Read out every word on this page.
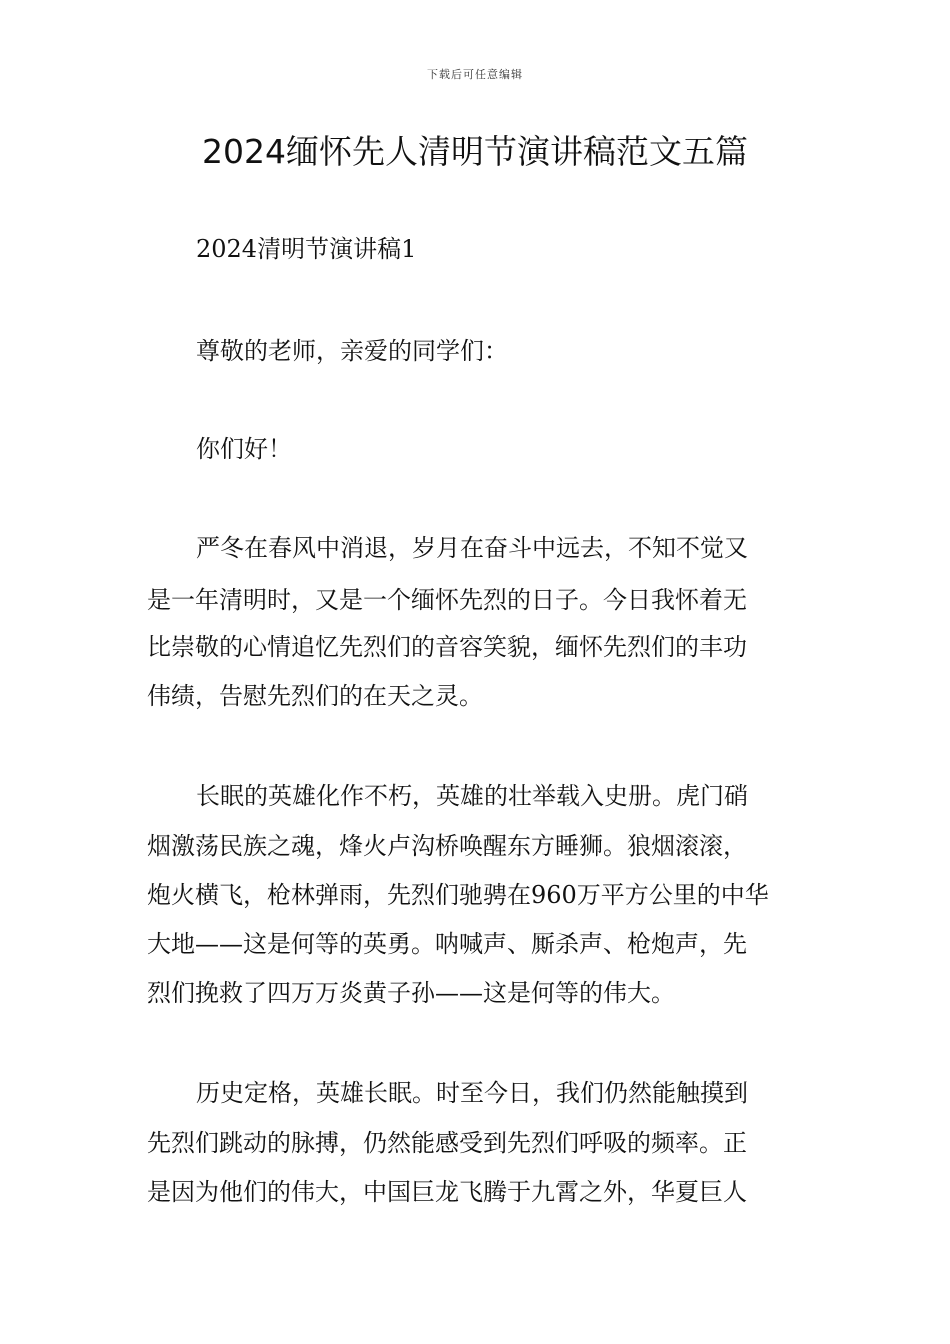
下载后可任意编辑
2024缅怀先人清明节演讲稿范文五篇
2024清明节演讲稿1
尊敬的老师，亲爱的同学们：
你们好！
严冬在春风中消退，岁月在奋斗中远去，不知不觉又
是一年清明时，又是一个缅怀先烈的日子。今日我怀着无
比崇敬的心情追忆先烈们的音容笑貌，缅怀先烈们的丰功
伟绩，告慰先烈们的在天之灵。
长眠的英雄化作不朽，英雄的壮举载入史册。虎门硝
烟激荡民族之魂，烽火卢沟桥唤醒东方睡狮。狼烟滚滚，
炮火横飞，枪林弹雨，先烈们驰骋在960万平方公里的中华
大地——这是何等的英勇。呐喊声、厮杀声、枪炮声，先
烈们挽救了四万万炎黄子孙——这是何等的伟大。
历史定格，英雄长眠。时至今日，我们仍然能触摸到
先烈们跳动的脉搏，仍然能感受到先烈们呼吸的频率。正
是因为他们的伟大，中国巨龙飞腾于九霄之外，华夏巨人
